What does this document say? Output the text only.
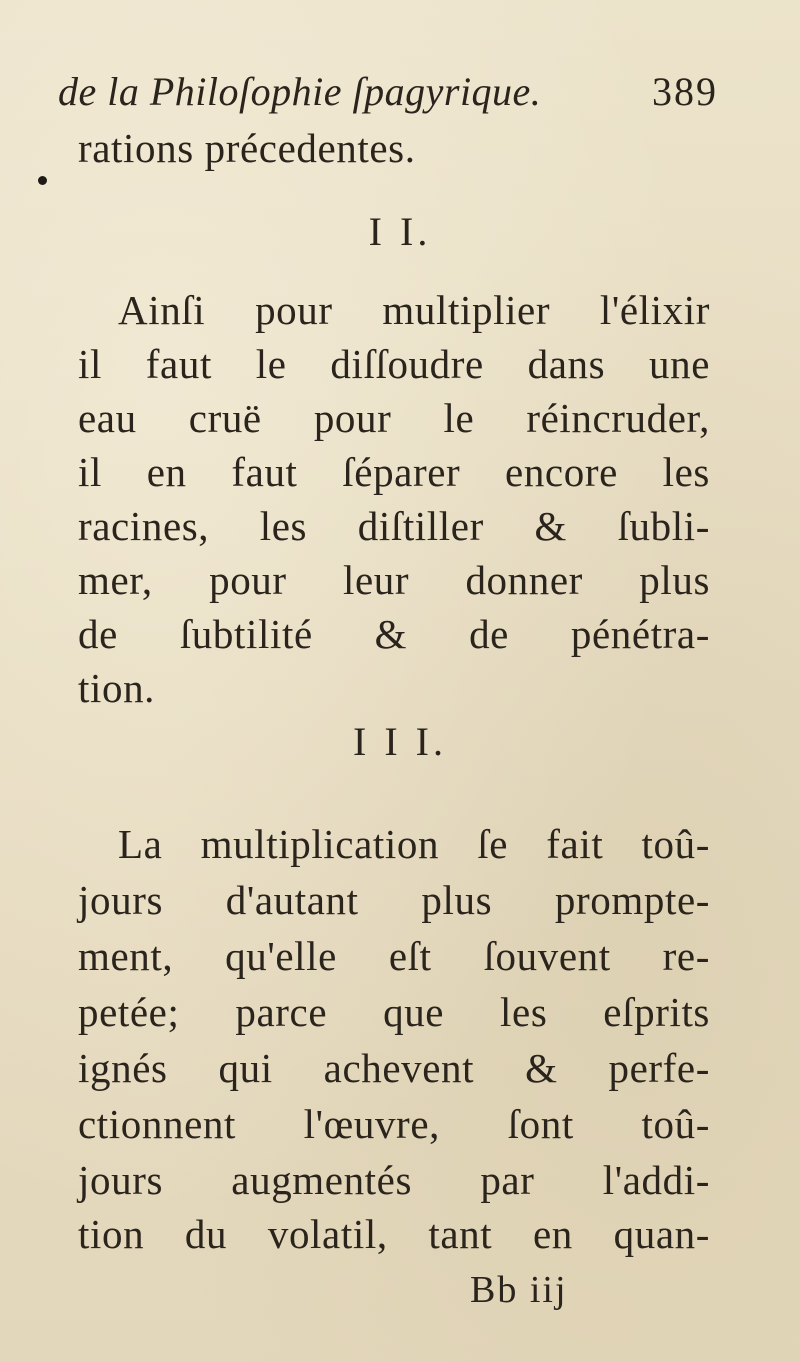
de la Philoſophie ſpagyrique.	389
rations précedentes.
I I.
Ainſi pour multiplier l'élixir
il faut le diſſoudre dans une
eau cruë pour le réincruder,
il en faut ſéparer encore les
racines, les diſtiller & ſubli-
mer, pour leur donner plus
de ſubtilité & de pénétra-
tion.
I I I.
La multiplication ſe fait toû-
jours d'autant plus prompte-
ment, qu'elle eſt ſouvent re-
petée; parce que les eſprits
ignés qui achevent & perfe-
ctionnent l'œuvre, ſont toû-
jours augmentés par l'addi-
tion du volatil, tant en quan-
Bb iij
